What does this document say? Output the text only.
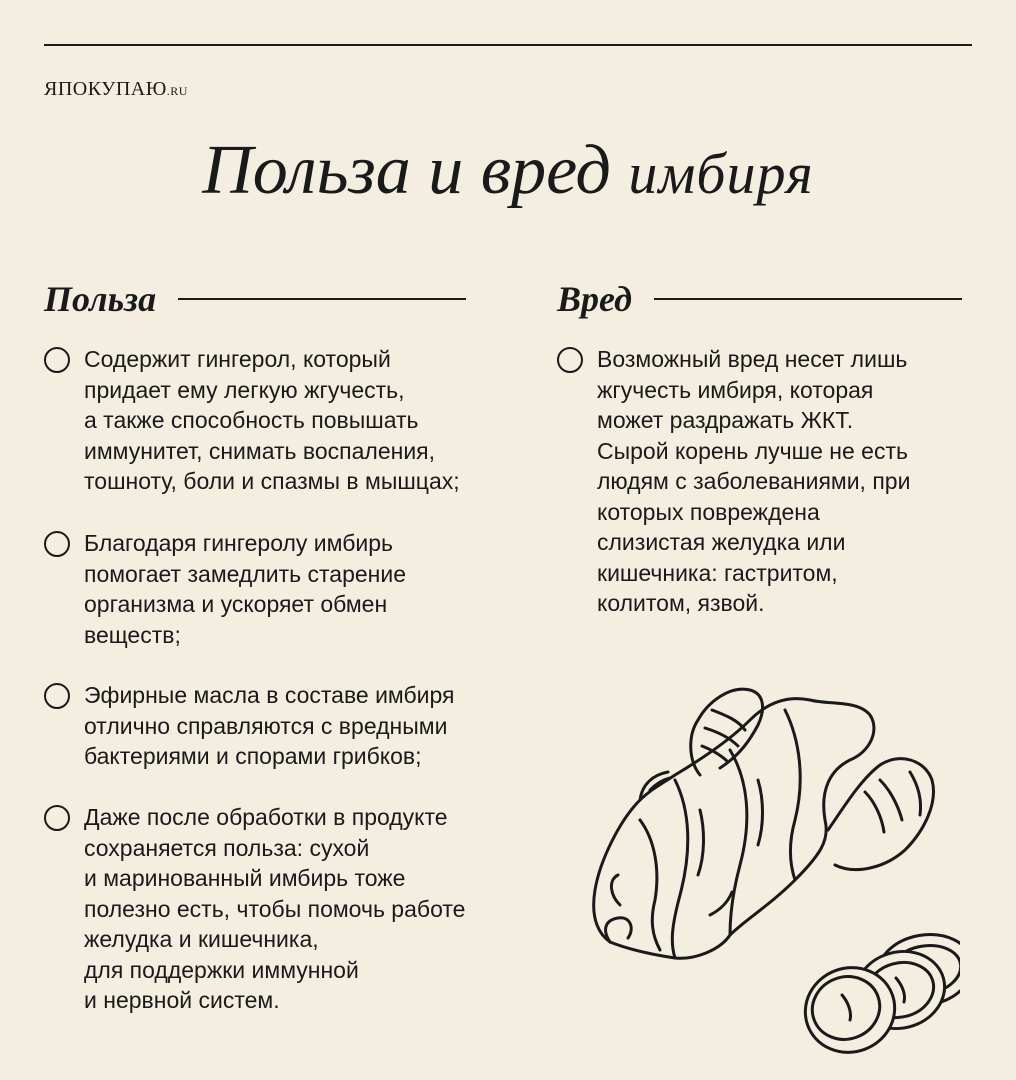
ЯПОКУПАЮ.RU
Польза и вред имбиря
Польза	Вред
Содержит гингерол, который
придает ему легкую жгучесть,
а также способность повышать
иммунитет, снимать воспаления,
тошноту, боли и спазмы в мышцах;
Благодаря гингеролу имбирь
помогает замедлить старение
организма и ускоряет обмен
веществ;
Эфирные масла в составе имбиря
отлично справляются с вредными
бактериями и спорами грибков;
Даже после обработки в продукте
сохраняется польза: сухой
и маринованный имбирь тоже
полезно есть, чтобы помочь работе
желудка и кишечника,
для поддержки иммунной
и нервной систем.
Возможный вред несет лишь
жгучесть имбиря, которая
может раздражать ЖКТ.
Сырой корень лучше не есть
людям с заболеваниями, при
которых повреждена
слизистая желудка или
кишечника: гастритом,
колитом, язвой.
